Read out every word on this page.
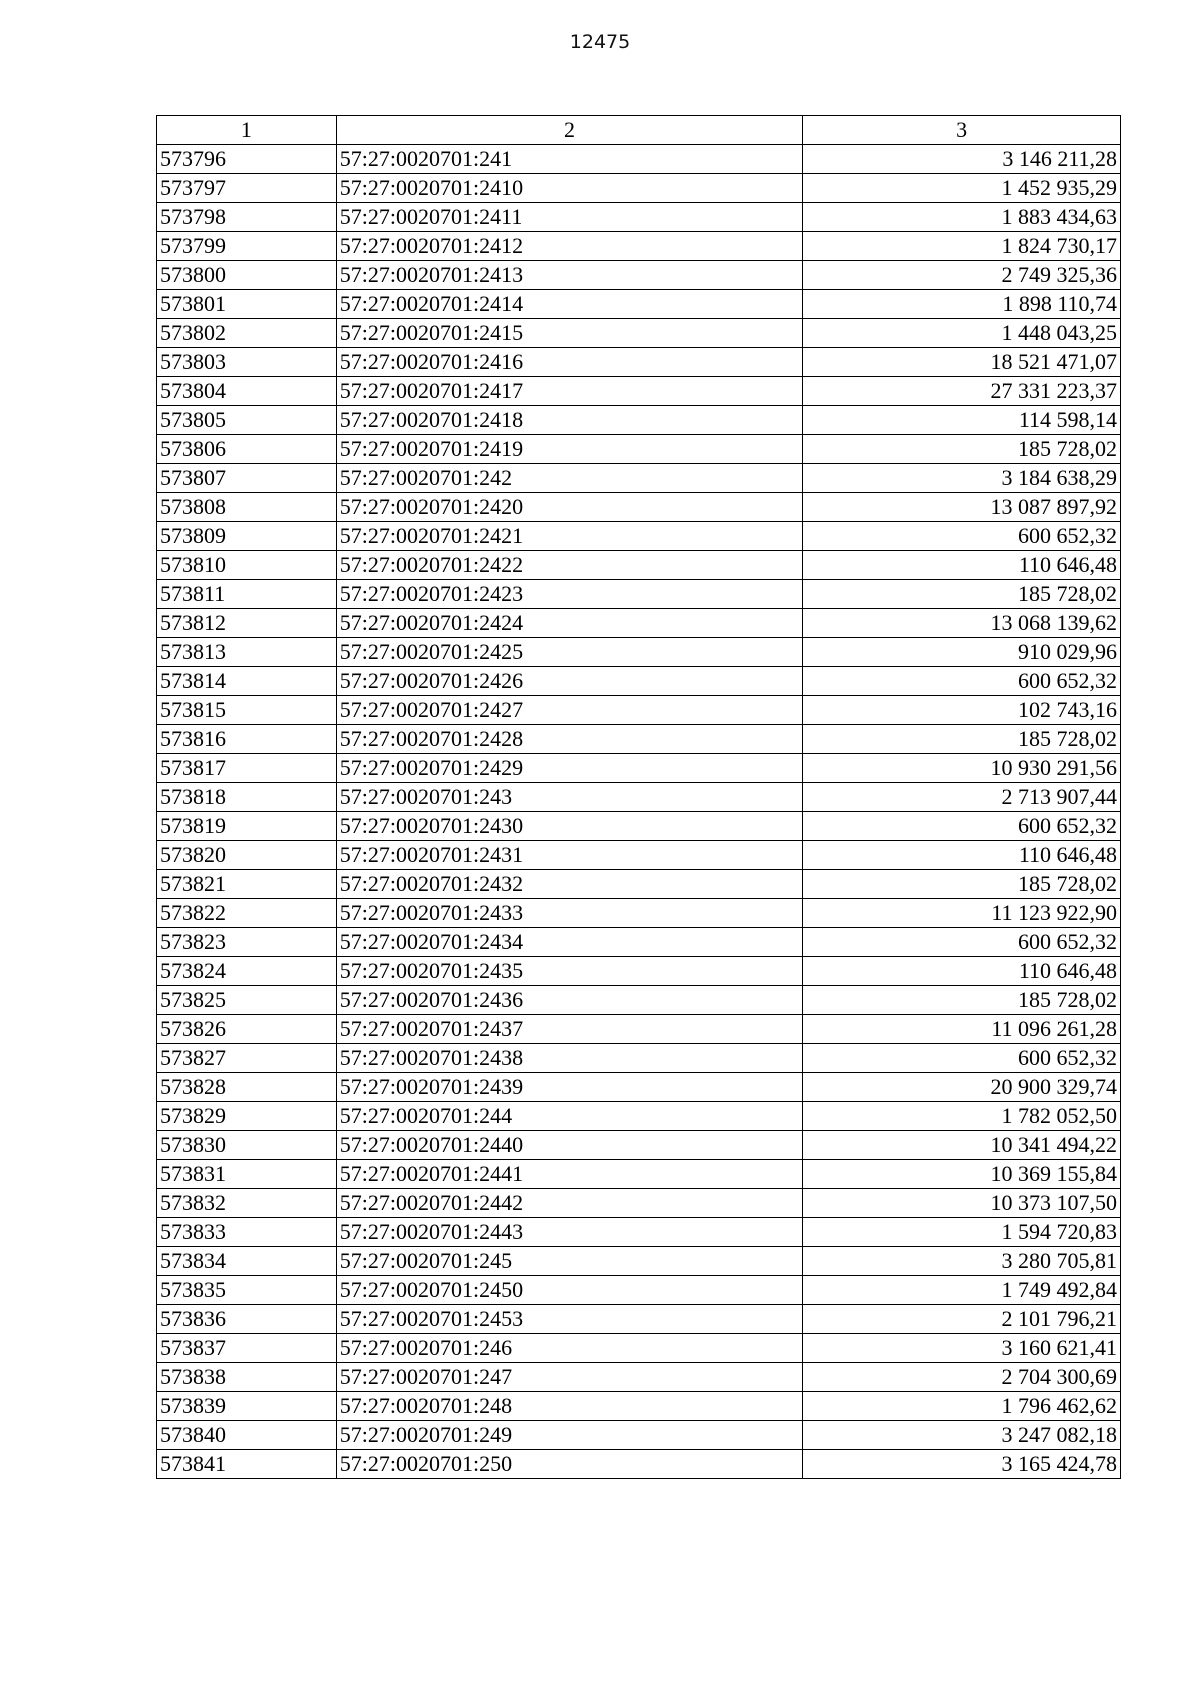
12475
1	2	3
573796	57:27:0020701:241	3 146 211,28
573797	57:27:0020701:2410	1 452 935,29
573798	57:27:0020701:2411	1 883 434,63
573799	57:27:0020701:2412	1 824 730,17
573800	57:27:0020701:2413	2 749 325,36
573801	57:27:0020701:2414	1 898 110,74
573802	57:27:0020701:2415	1 448 043,25
573803	57:27:0020701:2416	18 521 471,07
573804	57:27:0020701:2417	27 331 223,37
573805	57:27:0020701:2418	114 598,14
573806	57:27:0020701:2419	185 728,02
573807	57:27:0020701:242	3 184 638,29
573808	57:27:0020701:2420	13 087 897,92
573809	57:27:0020701:2421	600 652,32
573810	57:27:0020701:2422	110 646,48
573811	57:27:0020701:2423	185 728,02
573812	57:27:0020701:2424	13 068 139,62
573813	57:27:0020701:2425	910 029,96
573814	57:27:0020701:2426	600 652,32
573815	57:27:0020701:2427	102 743,16
573816	57:27:0020701:2428	185 728,02
573817	57:27:0020701:2429	10 930 291,56
573818	57:27:0020701:243	2 713 907,44
573819	57:27:0020701:2430	600 652,32
573820	57:27:0020701:2431	110 646,48
573821	57:27:0020701:2432	185 728,02
573822	57:27:0020701:2433	11 123 922,90
573823	57:27:0020701:2434	600 652,32
573824	57:27:0020701:2435	110 646,48
573825	57:27:0020701:2436	185 728,02
573826	57:27:0020701:2437	11 096 261,28
573827	57:27:0020701:2438	600 652,32
573828	57:27:0020701:2439	20 900 329,74
573829	57:27:0020701:244	1 782 052,50
573830	57:27:0020701:2440	10 341 494,22
573831	57:27:0020701:2441	10 369 155,84
573832	57:27:0020701:2442	10 373 107,50
573833	57:27:0020701:2443	1 594 720,83
573834	57:27:0020701:245	3 280 705,81
573835	57:27:0020701:2450	1 749 492,84
573836	57:27:0020701:2453	2 101 796,21
573837	57:27:0020701:246	3 160 621,41
573838	57:27:0020701:247	2 704 300,69
573839	57:27:0020701:248	1 796 462,62
573840	57:27:0020701:249	3 247 082,18
573841	57:27:0020701:250	3 165 424,78
